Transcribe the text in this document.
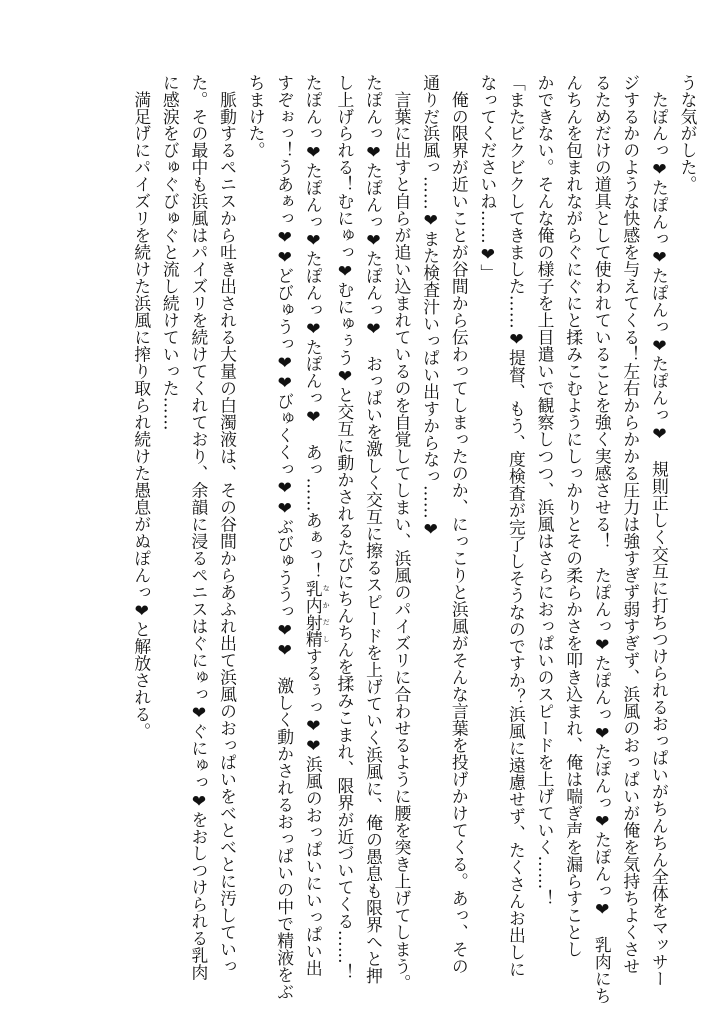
うな気がした。
　たぽんっ❤たぽんっ❤たぽんっ❤たぽんっ❤　規則正しく交互に打ちつけられるおっぱいがちんちん全体をマッサー
ジするかのような快感を与えてくる！左右からかかる圧力は強すぎず弱すぎず、浜風のおっぱいが俺を気持ちよくさせ
るためだけの道具として使われていることを強く実感させる！　たぽんっ❤たぽんっ❤たぽんっ❤たぽんっ❤　乳肉にち
んちんを包まれながらぐにぐにと揉みこむようにしっかりとその柔らかさを叩き込まれ、俺は喘ぎ声を漏らすことし
かできない。そんな俺の様子を上目遣いで観察しつつ、浜風はさらにおっぱいのスピードを上げていく……！
「またビクビクしてきました……❤提督、もう、度検査が完了しそうなのですか？浜風に遠慮せず、たくさんお出しに
なってくださいね……❤」
　俺の限界が近いことが谷間から伝わってしまったのか、にっこりと浜風がそんな言葉を投げかけてくる。あっ、その
通りだ浜風っ……❤また検査汁いっぱい出すからなっ……❤
　言葉に出すと自らが追い込まれているのを自覚してしまい、浜風のパイズリに合わせるように腰を突き上げてしまう。
たぽんっ❤たぽんっ❤たぽんっ❤　おっぱいを激しく交互に擦るスピードを上げていく浜風に、俺の愚息も限界へと押
し上げられる！むにゅっ❤むにゅぅう❤と交互に動かされるたびにちんちんを揉みこまれ、限界が近づいてくる……！
たぽんっ❤たぽんっ❤たぽんっ❤たぽんっ❤　あっ……あぁっ！乳内射精 なかだしするぅっ❤❤浜風のおっぱいにいっぱい出
すぞぉっ！うあぁっ❤❤どびゅうっ❤❤びゅくくっ❤❤ぶびゅううっ❤❤　激しく動かされるおっぱいの中で精液をぶ
ちまけた。
　脈動するペニスから吐き出される大量の白濁液は、その谷間からあふれ出て浜風のおっぱいをべとべとに汚していっ
た。その最中も浜風はパイズリを続けてくれており、余韻に浸るペニスはぐにゅっ❤ぐにゅっ❤をおしつけられる乳肉
に感涙をびゅぐびゅぐと流し続けていった……
　満足げにパイズリを続けた浜風に搾り取られ続けた愚息がぬぽんっ❤と解放される。
